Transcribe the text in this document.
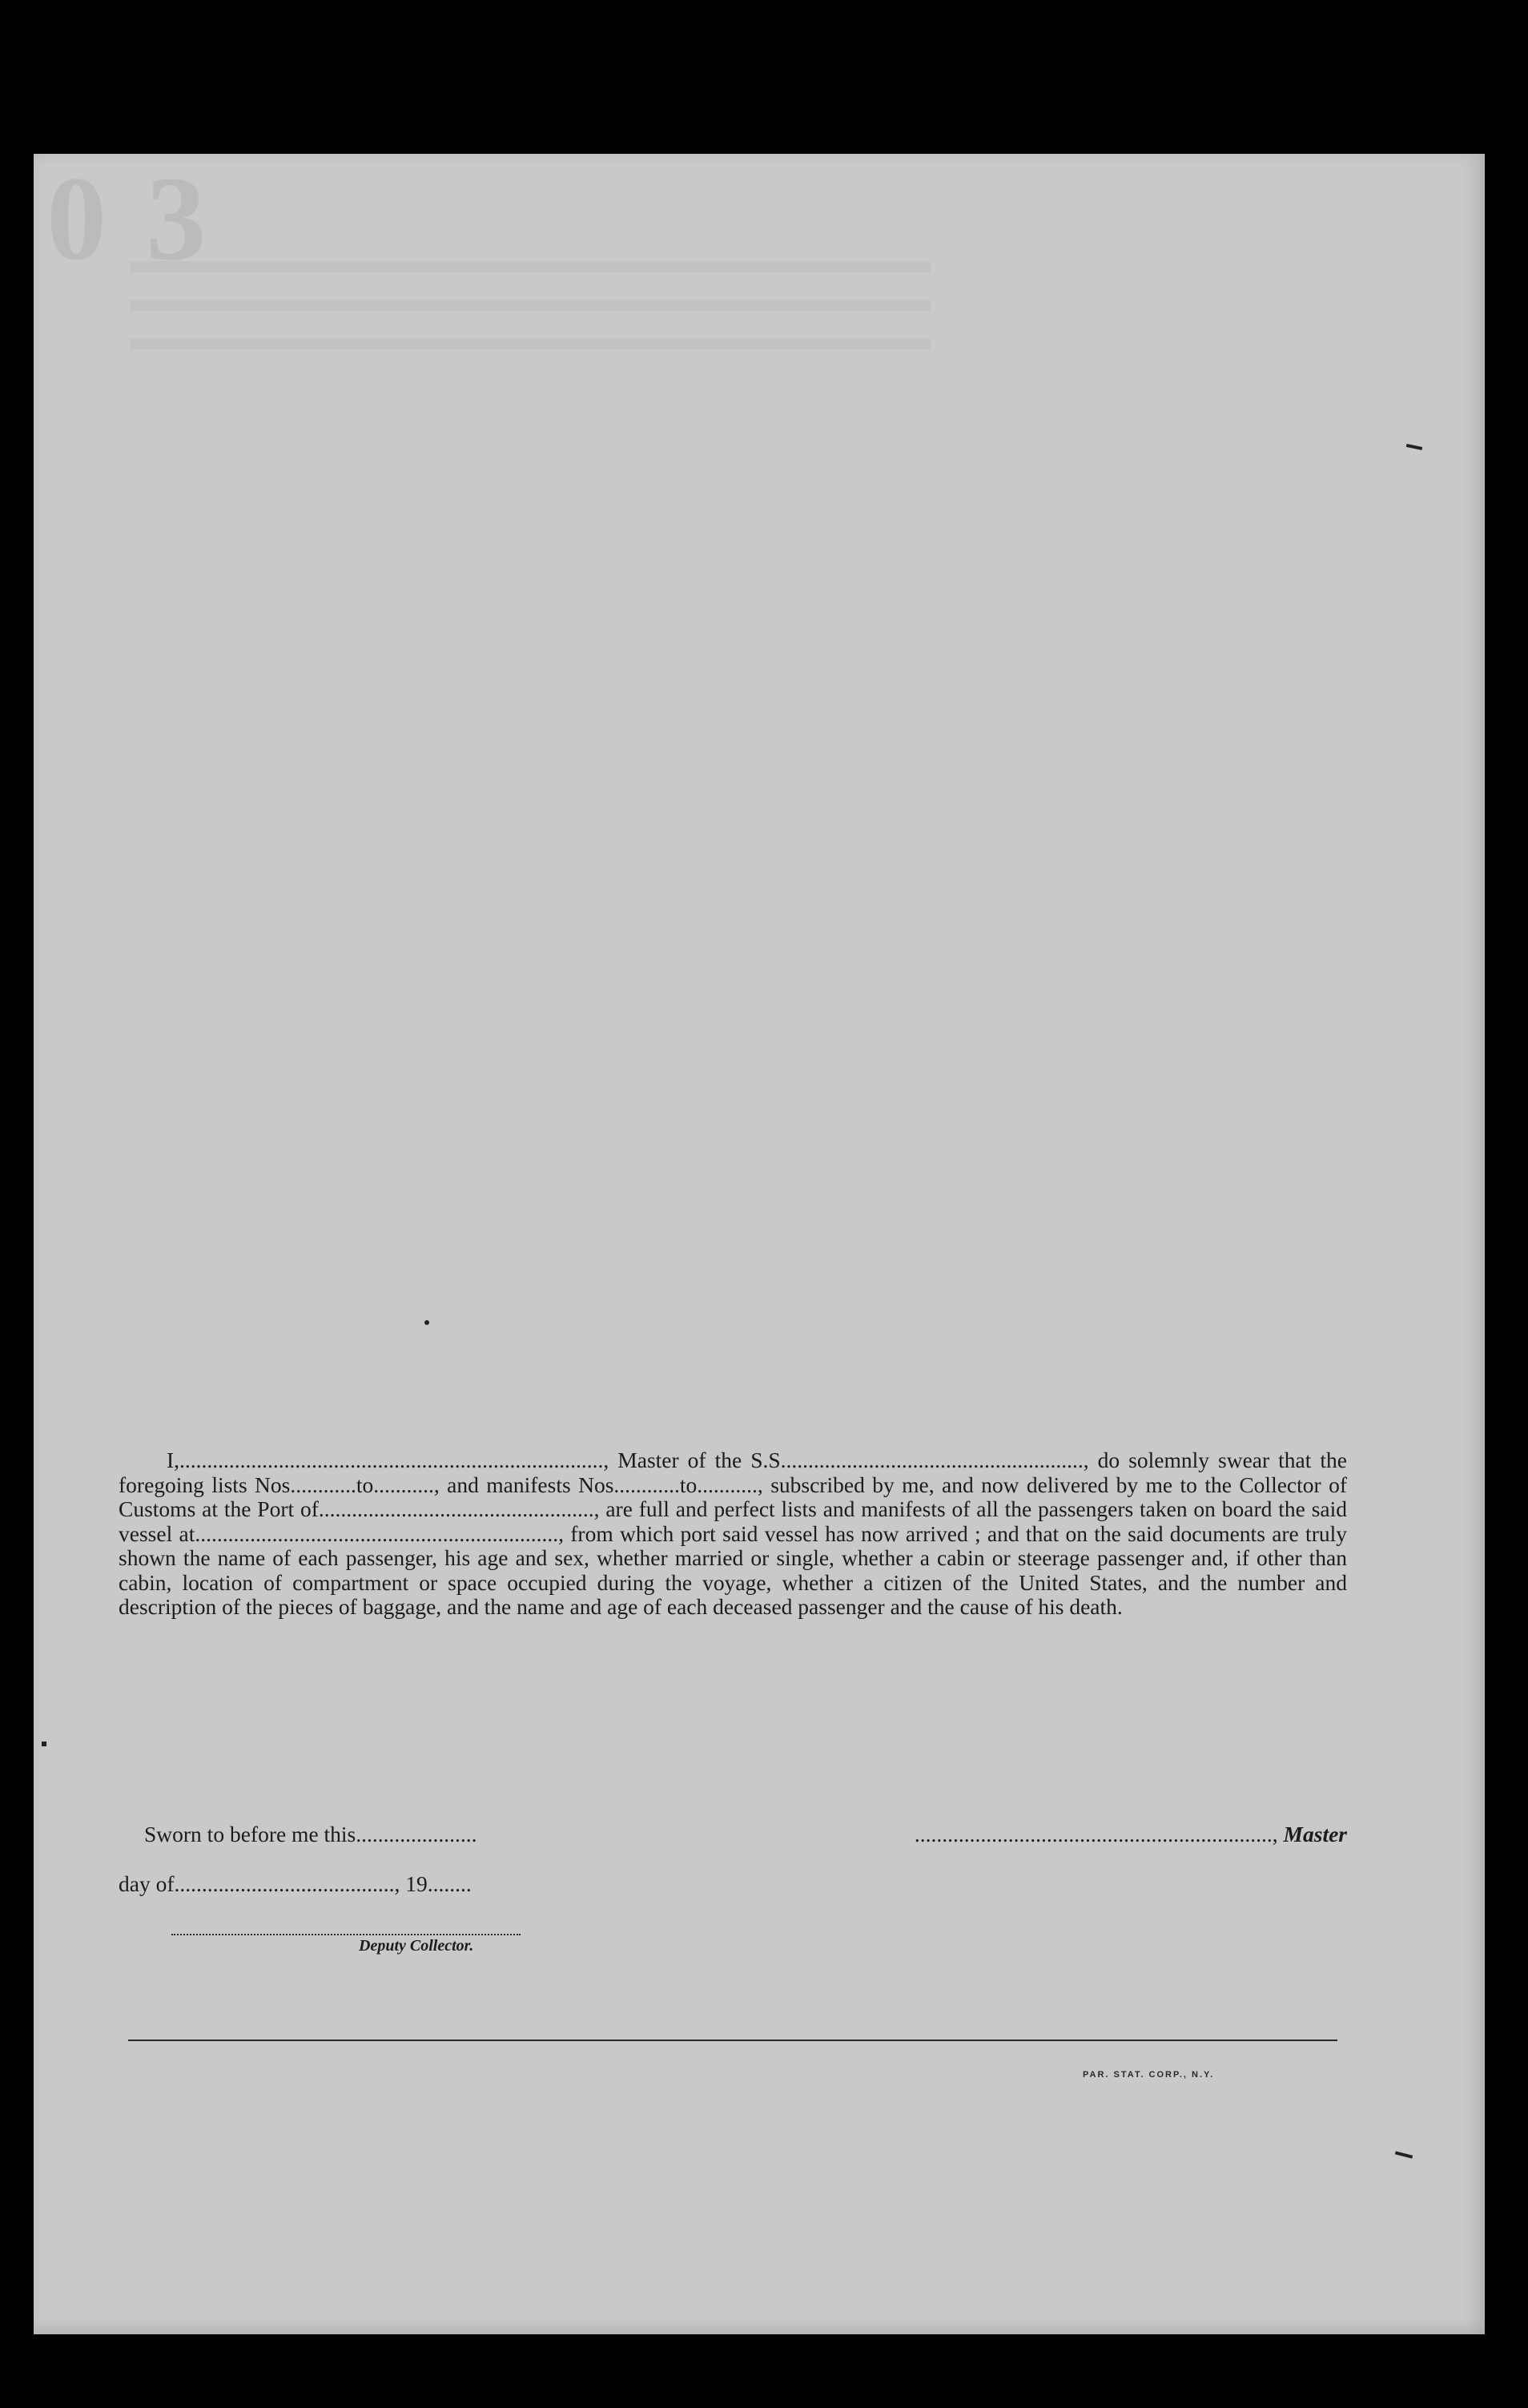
0 3

I,............................................................................., Master of the S.S......................................................., do solemnly swear that the foregoing lists Nos............to..........., and manifests Nos............to..........., subscribed by me, and now delivered by me to the Collector of Customs at the Port of.................................................., are full and perfect lists and manifests of all the passengers taken on board the said vessel at.................................................................., from which port said vessel has now arrived ; and that on the said documents are truly shown the name of each passenger, his age and sex, whether married or single, whether a cabin or steerage passenger and, if other than cabin, location of compartment or space occupied during the voyage, whether a citizen of the United States, and the number and description of the pieces of baggage, and the name and age of each deceased passenger and the cause of his death.

Sworn to before me this......................	................................................................., Master
day of........................................, 19........
Deputy Collector.
PAR. STAT. CORP., N.Y.
